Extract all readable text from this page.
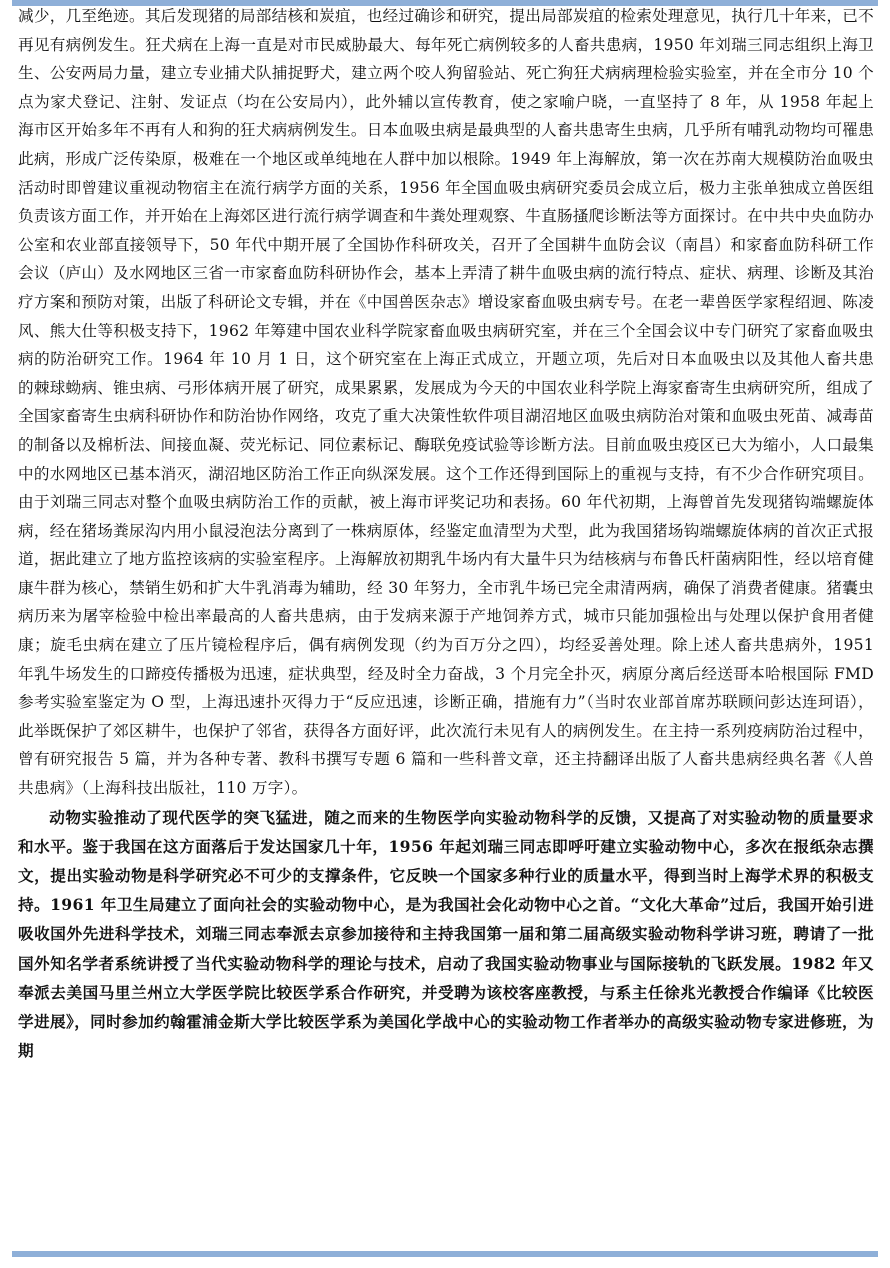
减少，几至绝迹。其后发现猪的局部结核和炭疽，也经过确诊和研究，提出局部炭疽的检索处理意见，执行几十年来，已不再见有病例发生。狂犬病在上海一直是对市民威胁最大、每年死亡病例较多的人畜共患病，1950 年刘瑞三同志组织上海卫生、公安两局力量，建立专业捕犬队捕捉野犬，建立两个咬人狗留验站、死亡狗狂犬病病理检验实验室，并在全市分 10 个点为家犬登记、注射、发证点（均在公安局内），此外辅以宣传教育，使之家喻户晓，一直坚持了 8 年，从 1958 年起上海市区开始多年不再有人和狗的狂犬病病例发生。日本血吸虫病是最典型的人畜共患寄生虫病，几乎所有哺乳动物均可罹患此病，形成广泛传染原，极难在一个地区或单纯地在人群中加以根除。1949 年上海解放，第一次在苏南大规模防治血吸虫活动时即曾建议重视动物宿主在流行病学方面的关系，1956 年全国血吸虫病研究委员会成立后，极力主张单独成立兽医组负责该方面工作，并开始在上海郊区进行流行病学调查和牛粪处理观察、牛直肠搔爬诊断法等方面探讨。在中共中央血防办公室和农业部直接领导下，50 年代中期开展了全国协作科研攻关，召开了全国耕牛血防会议（南昌）和家畜血防科研工作会议（庐山）及水网地区三省一市家畜血防科研协作会，基本上弄清了耕牛血吸虫病的流行特点、症状、病理、诊断及其治疗方案和预防对策，出版了科研论文专辑，并在《中国兽医杂志》增设家畜血吸虫病专号。在老一辈兽医学家程绍迥、陈凌风、熊大仕等积极支持下，1962 年筹建中国农业科学院家畜血吸虫病研究室，并在三个全国会议中专门研究了家畜血吸虫病的防治研究工作。1964 年 10 月 1 日，这个研究室在上海正式成立，开题立项，先后对日本血吸虫以及其他人畜共患的棘球蚴病、锥虫病、弓形体病开展了研究，成果累累，发展成为今天的中国农业科学院上海家畜寄生虫病研究所，组成了全国家畜寄生虫病科研协作和防治协作网络，攻克了重大决策性软件项目湖沼地区血吸虫病防治对策和血吸虫死苗、减毒苗的制备以及棉析法、间接血凝、荧光标记、同位素标记、酶联免疫试验等诊断方法。目前血吸虫疫区已大为缩小，人口最集中的水网地区已基本消灭，湖沼地区防治工作正向纵深发展。这个工作还得到国际上的重视与支持，有不少合作研究项目。由于刘瑞三同志对整个血吸虫病防治工作的贡献，被上海市评奖记功和表扬。60 年代初期，上海曾首先发现猪钩端螺旋体病，经在猪场粪尿沟内用小鼠浸泡法分离到了一株病原体，经鉴定血清型为犬型，此为我国猪场钩端螺旋体病的首次正式报道，据此建立了地方监控该病的实验室程序。上海解放初期乳牛场内有大量牛只为结核病与布鲁氏杆菌病阳性，经以培育健康牛群为核心，禁销生奶和扩大牛乳消毒为辅助，经 30 年努力，全市乳牛场已完全肃清两病，确保了消费者健康。猪囊虫病历来为屠宰检验中检出率最高的人畜共患病，由于发病来源于产地饲养方式，城市只能加强检出与处理以保护食用者健康；旋毛虫病在建立了压片镜检程序后，偶有病例发现（约为百万分之四），均经妥善处理。除上述人畜共患病外，1951 年乳牛场发生的口蹄疫传播极为迅速，症状典型，经及时全力奋战，3 个月完全扑灭，病原分离后经送哥本哈根国际 FMD 参考实验室鉴定为 O 型，上海迅速扑灭得力于“反应迅速，诊断正确，措施有力”（当时农业部首席苏联顾问彭达连珂语），此举既保护了郊区耕牛，也保护了邻省，获得各方面好评，此次流行未见有人的病例发生。在主持一系列疫病防治过程中，曾有研究报告 5 篇，并为各种专著、教科书撰写专题 6 篇和一些科普文章，还主持翻译出版了人畜共患病经典名著《人兽共患病》（上海科技出版社，110 万字）。

动物实验推动了现代医学的突飞猛进，随之而来的生物医学向实验动物科学的反馈，又提高了对实验动物的质量要求和水平。鉴于我国在这方面落后于发达国家几十年，1956 年起刘瑞三同志即呼吁建立实验动物中心，多次在报纸杂志撰文，提出实验动物是科学研究必不可少的支撑条件，它反映一个国家多种行业的质量水平，得到当时上海学术界的积极支持。1961 年卫生局建立了面向社会的实验动物中心，是为我国社会化动物中心之首。“文化大革命”过后，我国开始引进吸收国外先进科学技术，刘瑞三同志奉派去京参加接待和主持我国第一届和第二届高级实验动物科学讲习班，聘请了一批国外知名学者系统讲授了当代实验动物科学的理论与技术，启动了我国实验动物事业与国际接轨的飞跃发展。1982 年又奉派去美国马里兰州立大学医学院比较医学系合作研究，并受聘为该校客座教授，与系主任徐兆光教授合作编译《比较医学进展》，同时参加约翰霍浦金斯大学比较医学系为美国化学战中心的实验动物工作者举办的高级实验动物专家进修班，为期
